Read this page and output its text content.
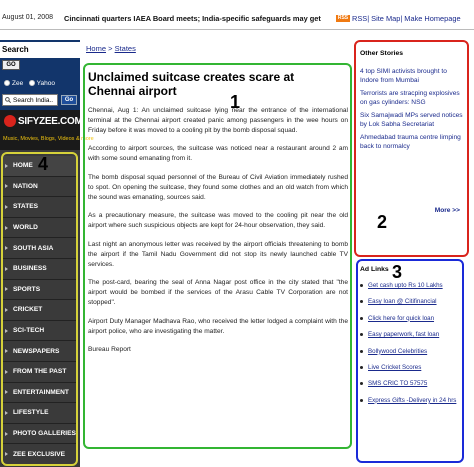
August 01, 2008 Cincinnati quarters IAEA Board meets; India-specific safeguards may get	RSS RSS| Site Map| Make Homepage
Search
GO
Zee Yahoo
Search India..	Go
SIFYZEE.COM
Music, Movies, Blogs, Videos & more
HOME
NATION
STATES
WORLD
SOUTH ASIA
BUSINESS
SPORTS
CRICKET
SCI-TECH
NEWSPAPERS
FROM THE PAST
ENTERTAINMENT
LIFESTYLE
PHOTO GALLERIES
ZEE EXCLUSIVE
Home > States
Unclaimed suitcase creates scare at Chennai airport

Chennai, Aug 1: An unclaimed suitcase lying near the entrance of the international terminal at the Chennai airport created panic among passengers in the wee hours on Friday before it was moved to a cooling pit by the bomb disposal squad.

According to airport sources, the suitcase was noticed near a restaurant around 2 am with some sound emanating from it.

The bomb disposal squad personnel of the Bureau of Civil Aviation immediately rushed to spot. On opening the suitcase, they found some clothes and an old watch from which the sound was emanating, sources said.

As a precautionary measure, the suitcase was moved to the cooling pit near the old airport where such suspicious objects are kept for 24-hour observation, they said.

Last night an anonymous letter was received by the airport officials threatening to bomb the airport if the Tamil Nadu Government did not stop its newly launched cable TV services.

The post-card, bearing the seal of Anna Nagar post office in the city stated that "the airport would be bombed if the services of the Arasu Cable TV Corporation are not stopped".

Airport Duty Manager Madhava Rao, who received the letter lodged a complaint with the airport police, who are investigating the matter.

Bureau Report

Other Stories
4 top SIMI activists brought to Indore from Mumbai
Terrorists are stracping explosives on gas cylinders: NSG
Six Samajwadi MPs served notices by Lok Sabha Secretariat
Ahmedabad trauma centre limping back to normalcy
More >>
Ad Links
Get cash upto Rs 10 Lakhs
Easy loan @ Citifinancial
Click here for quick loan
Easy paperwork, fast loan
Bollywood Celebrities
Live Cricket Scores
SMS CRIC TO 57575
Express Gifts -Delivery in 24 hrs
1
2
3
4
